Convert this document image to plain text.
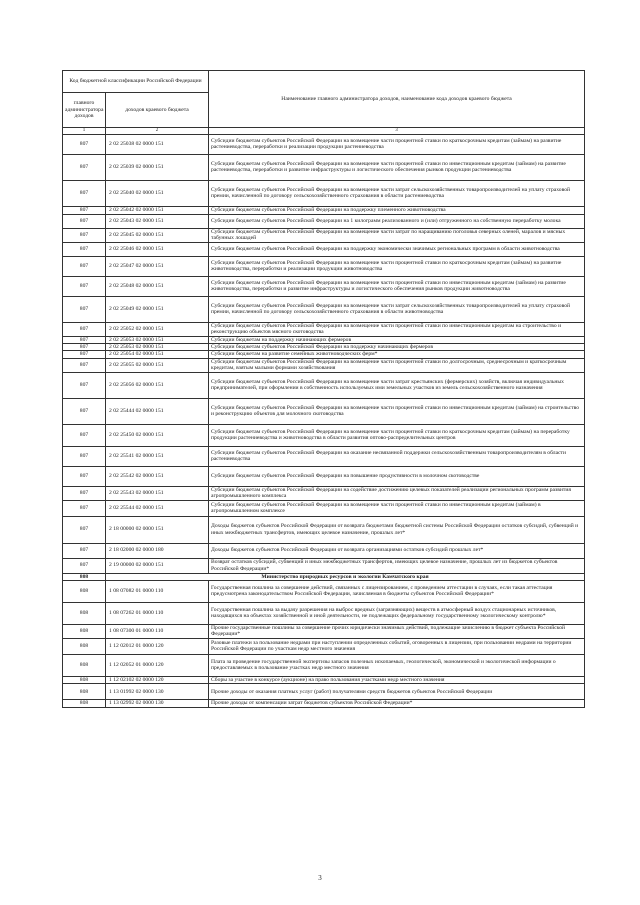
Код бюджетной классификации Российской Федерации		Наименование главного администратора доходов, наименование кода доходов краевого бюджета
главного администратора доходов	доходов краевого бюджета	
1	2	3
807	2 02 25038 02 0000 151	Субсидии бюджетам субъектов Российской Федерации на возмещение части процентной ставки по краткосрочным кредитам (займам) на развитие растениеводства, переработки и реализации продукции растениеводства
807	2 02 25039 02 0000 151	Субсидии бюджетам субъектов Российской Федерации на возмещение части процентной ставки по инвестиционным кредитам (займам) на развитие растениеводства, переработки и развитие инфраструктуры и логистического обеспечения рынков продукции растениеводства
807	2 02 25040 02 0000 151	Субсидии бюджетам субъектов Российской Федерации на возмещение части затрат сельскохозяйственных товаропроизводителей на уплату страховой премии, начисленной по договору сельскохозяйственного страхования в области растениеводства
807	2 02 25042 02 0000 151	Субсидии бюджетам субъектов Российской Федерации на поддержку племенного животноводства
807	2 02 25043 02 0000 151	Субсидии бюджетам субъектов Российской Федерации на 1 килограмм реализованного и (или) отгруженного на собственную переработку молока
807	2 02 25045 02 0000 151	Субсидии бюджетам субъектов Российской Федерации на возмещение части затрат по наращиванию поголовья северных оленей, маралов и мясных табунных лошадей
807	2 02 25046 02 0000 151	Субсидии бюджетам субъектов Российской Федерации на поддержку экономически значимых региональных программ в области животноводства
807	2 02 25047 02 0000 151	Субсидии бюджетам субъектов Российской Федерации на возмещение части процентной ставки по краткосрочным кредитам (займам) на развитие животноводства, переработки и реализации продукции животноводства
807	2 02 25048 02 0000 151	Субсидии бюджетам субъектов Российской Федерации на возмещение части процентной ставки по инвестиционным кредитам (займам) на развитие животноводства, переработки и развитие инфраструктуры и логистического обеспечения рынков продукции животноводства
807	2 02 25049 02 0000 151	Субсидии бюджетам субъектов Российской Федерации на возмещение части затрат сельскохозяйственных товаропроизводителей на уплату страховой премии, начисленной по договору сельскохозяйственного страхования в области животноводства
807	2 02 25052 02 0000 151	Субсидии бюджетам субъектов Российской Федерации на возмещение части процентной ставки по инвестиционным кредитам на строительство и реконструкцию объектов мясного скотоводства
807	2 02 25053 02 0000 151	Субсидии бюджетам на поддержку начинающих фермеров
807	2 02 25053 02 0000 151	Субсидии бюджетам субъектов Российской Федерации на поддержку начинающих фермеров
807	2 02 25054 02 0000 151	Субсидии бюджетам на развитие семейных животноводческих ферм*
807	2 02 25055 02 0000 151	Субсидии бюджетам субъектов Российской Федерации на возмещение части процентной ставки по долгосрочным, среднесрочным и краткосрочным кредитам, взятым малыми формами хозяйствования
807	2 02 25056 02 0000 151	Субсидии бюджетам субъектов Российской Федерации на возмещение части затрат крестьянских (фермерских) хозяйств, включая индивидуальных предпринимателей, при оформлении в собственность используемых ими земельных участков из земель сельскохозяйственного назначения
807	2 02 25444 02 0000 151	Субсидии бюджетам субъектов Российской Федерации на возмещение части процентной ставки по инвестиционным кредитам (займам) на строительство и реконструкцию объектов для молочного скотоводства
807	2 02 25450 02 0000 151	Субсидии бюджетам субъектов Российской Федерации на возмещение части процентной ставки по краткосрочным кредитам (займам) на переработку продукции растениеводства и животноводства в области развития оптово-распределительных центров
807	2 02 25541 02 0000 151	Субсидии бюджетам субъектов Российской Федерации на оказание несвязанной поддержки сельскохозяйственным товаропроизводителям в области растениеводства
807	2 02 25542 02 0000 151	Субсидии бюджетам субъектов Российской Федерации на повышение продуктивности в молочном скотоводстве
807	2 02 25543 02 0000 151	Субсидии бюджетам субъектов Российской Федерации на содействие достижению целевых показателей реализации региональных программ развития агропромышленного комплекса
807	2 02 25544 02 0000 151	Субсидии бюджетам субъектов Российской Федерации на возмещение части процентной ставки по инвестиционным кредитам (займам) в агропромышленном комплексе
807	2 18 00000 02 0000 151	Доходы бюджетов субъектов Российской Федерации от возврата бюджетами бюджетной системы Российской Федерации остатков субсидий, субвенций и иных межбюджетных трансфертов, имеющих целевое назначение, прошлых лет*
807	2 18 02000 02 0000 180	Доходы бюджетов субъектов Российской Федерации от возврата организациями остатков субсидий прошлых лет*
807	2 19 00000 02 0000 151	Возврат остатков субсидий, субвенций и иных межбюджетных трансфертов, имеющих целевое назначение, прошлых лет из бюджетов субъектов Российской Федерации*
808	Министерство природных ресурсов и экологии Камчатского края	
808	1 08 07082 01 0000 110	Государственная пошлина за совершение действий, связанных с лицензированием, с проведением аттестации в случаях, если такая аттестация предусмотрена законодательством Российской Федерации, зачисляемая в бюджеты субъектов Российской Федерации*
808	1 08 07262 01 0000 110	Государственная пошлина за выдачу разрешения на выброс вредных (загрязняющих) веществ в атмосферный воздух стационарных источников, находящихся на объектах хозяйственной и иной деятельности, не подлежащих федеральному государственному экологическому контролю*
808	1 08 07300 01 0000 110	Прочие государственные пошлины за совершение прочих юридически значимых действий, подлежащие зачислению в бюджет субъекта Российской Федерации*
808	1 12 02012 01 0000 120	Разовые платежи за пользование недрами при наступлении определенных событий, оговоренных в лицензии, при пользовании недрами на территории Российской Федерации по участкам недр местного значения
808	1 12 02052 01 0000 120	Плата за проведение государственной экспертизы запасов полезных ископаемых, геологической, экономической и экологической информации о предоставляемых в пользование участках недр местного значения
808	1 12 02102 02 0000 120	Сборы за участие в конкурсе (аукционе) на право пользования участками недр местного значения
808	1 13 01992 02 0000 130	Прочие доходы от оказания платных услуг (работ) получателями средств бюджетов субъектов Российской Федерации
808	1 13 02992 02 0000 130	Прочие доходы от компенсации затрат бюджетов субъектов Российской Федерации*
3
